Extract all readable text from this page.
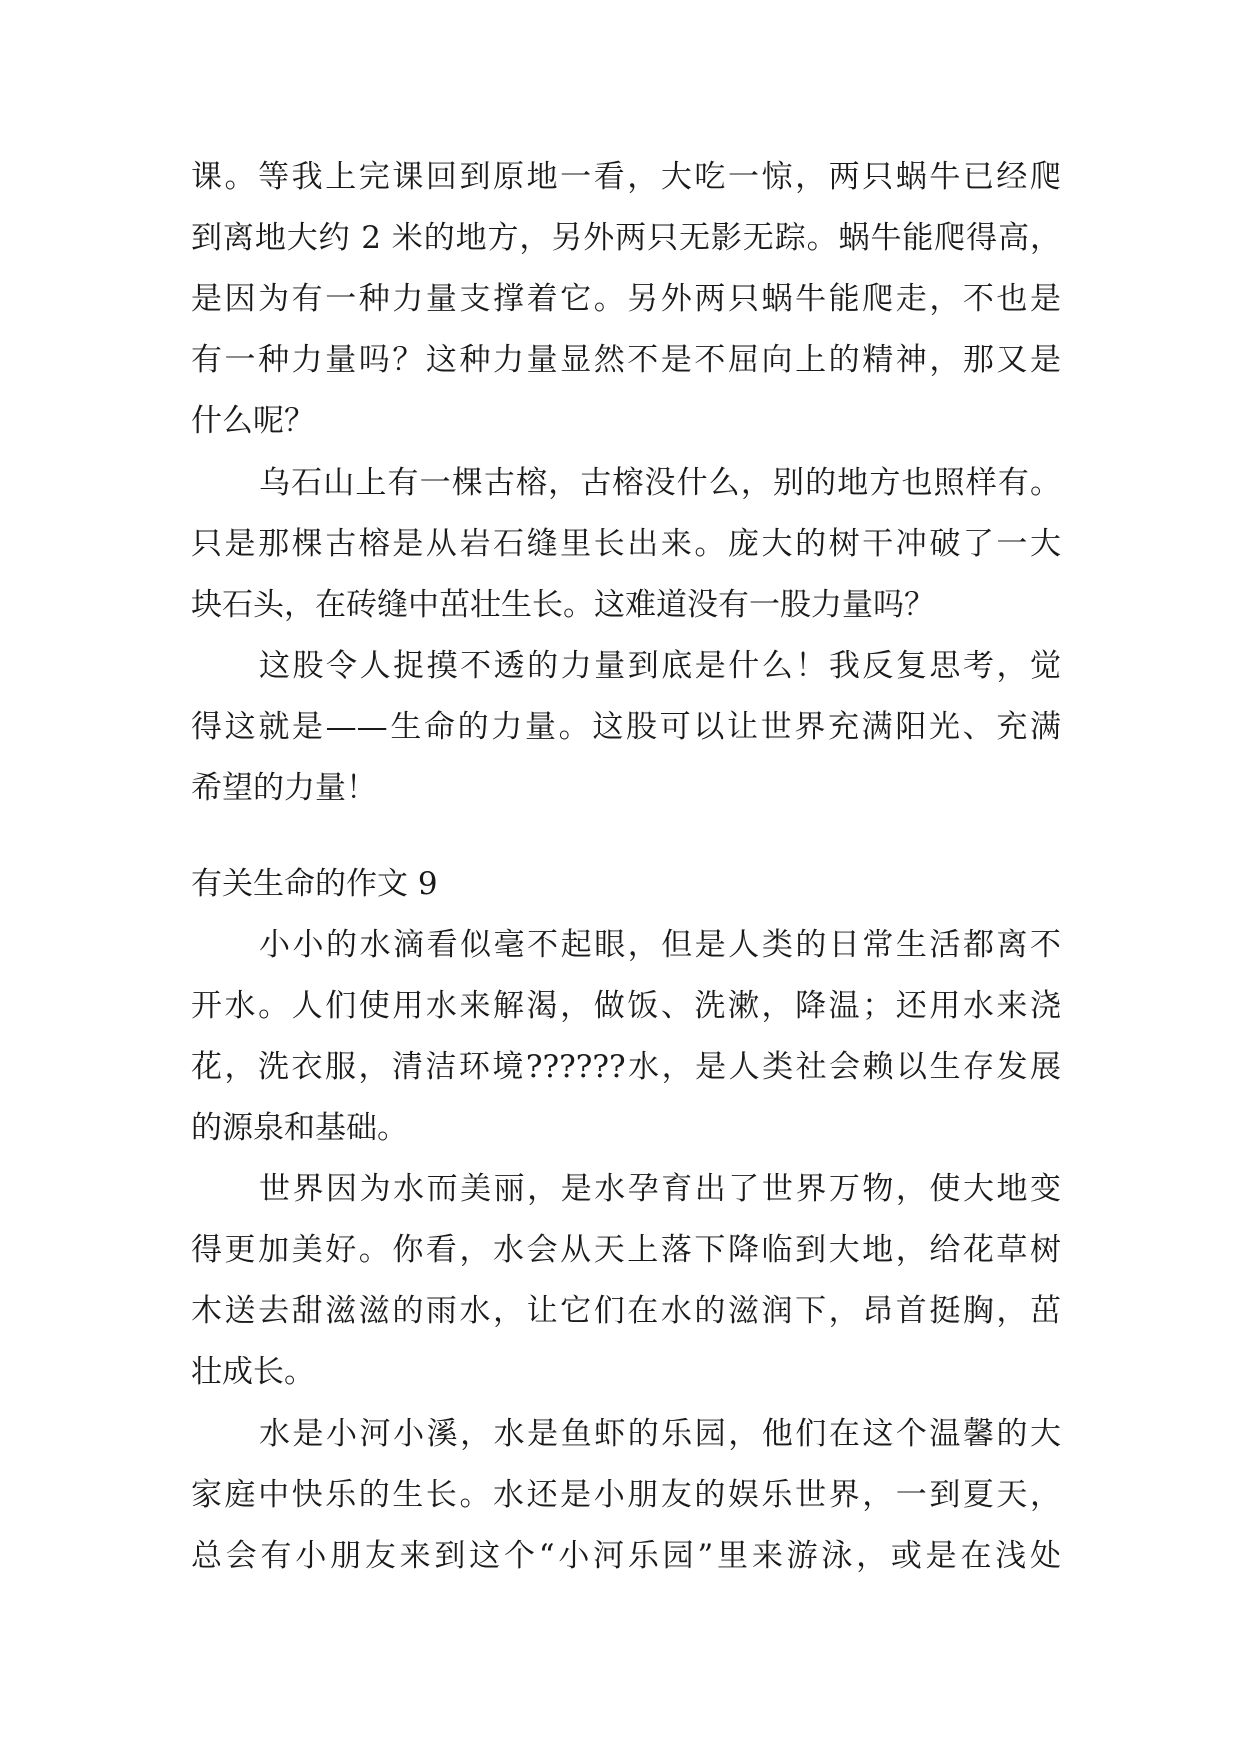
课。等我上完课回到原地一看，大吃一惊，两只蜗牛已经爬
到离地大约 2 米的地方，另外两只无影无踪。蜗牛能爬得高，
是因为有一种力量支撑着它。另外两只蜗牛能爬走，不也是
有一种力量吗？这种力量显然不是不屈向上的精神，那又是
什么呢？
乌石山上有一棵古榕，古榕没什么，别的地方也照样有。
只是那棵古榕是从岩石缝里长出来。庞大的树干冲破了一大
块石头，在砖缝中茁壮生长。这难道没有一股力量吗？
这股令人捉摸不透的力量到底是什么！我反复思考，觉
得这就是——生命的力量。这股可以让世界充满阳光、充满
希望的力量！
有关生命的作文 9
小小的水滴看似毫不起眼，但是人类的日常生活都离不
开水。人们使用水来解渴，做饭、洗漱，降温；还用水来浇
花，洗衣服，清洁环境??????水，是人类社会赖以生存发展
的源泉和基础。
世界因为水而美丽，是水孕育出了世界万物，使大地变
得更加美好。你看，水会从天上落下降临到大地，给花草树
木送去甜滋滋的雨水，让它们在水的滋润下，昂首挺胸，茁
壮成长。
水是小河小溪，水是鱼虾的乐园，他们在这个温馨的大
家庭中快乐的生长。水还是小朋友的娱乐世界，一到夏天，
总会有小朋友来到这个“小河乐园”里来游泳，或是在浅处
